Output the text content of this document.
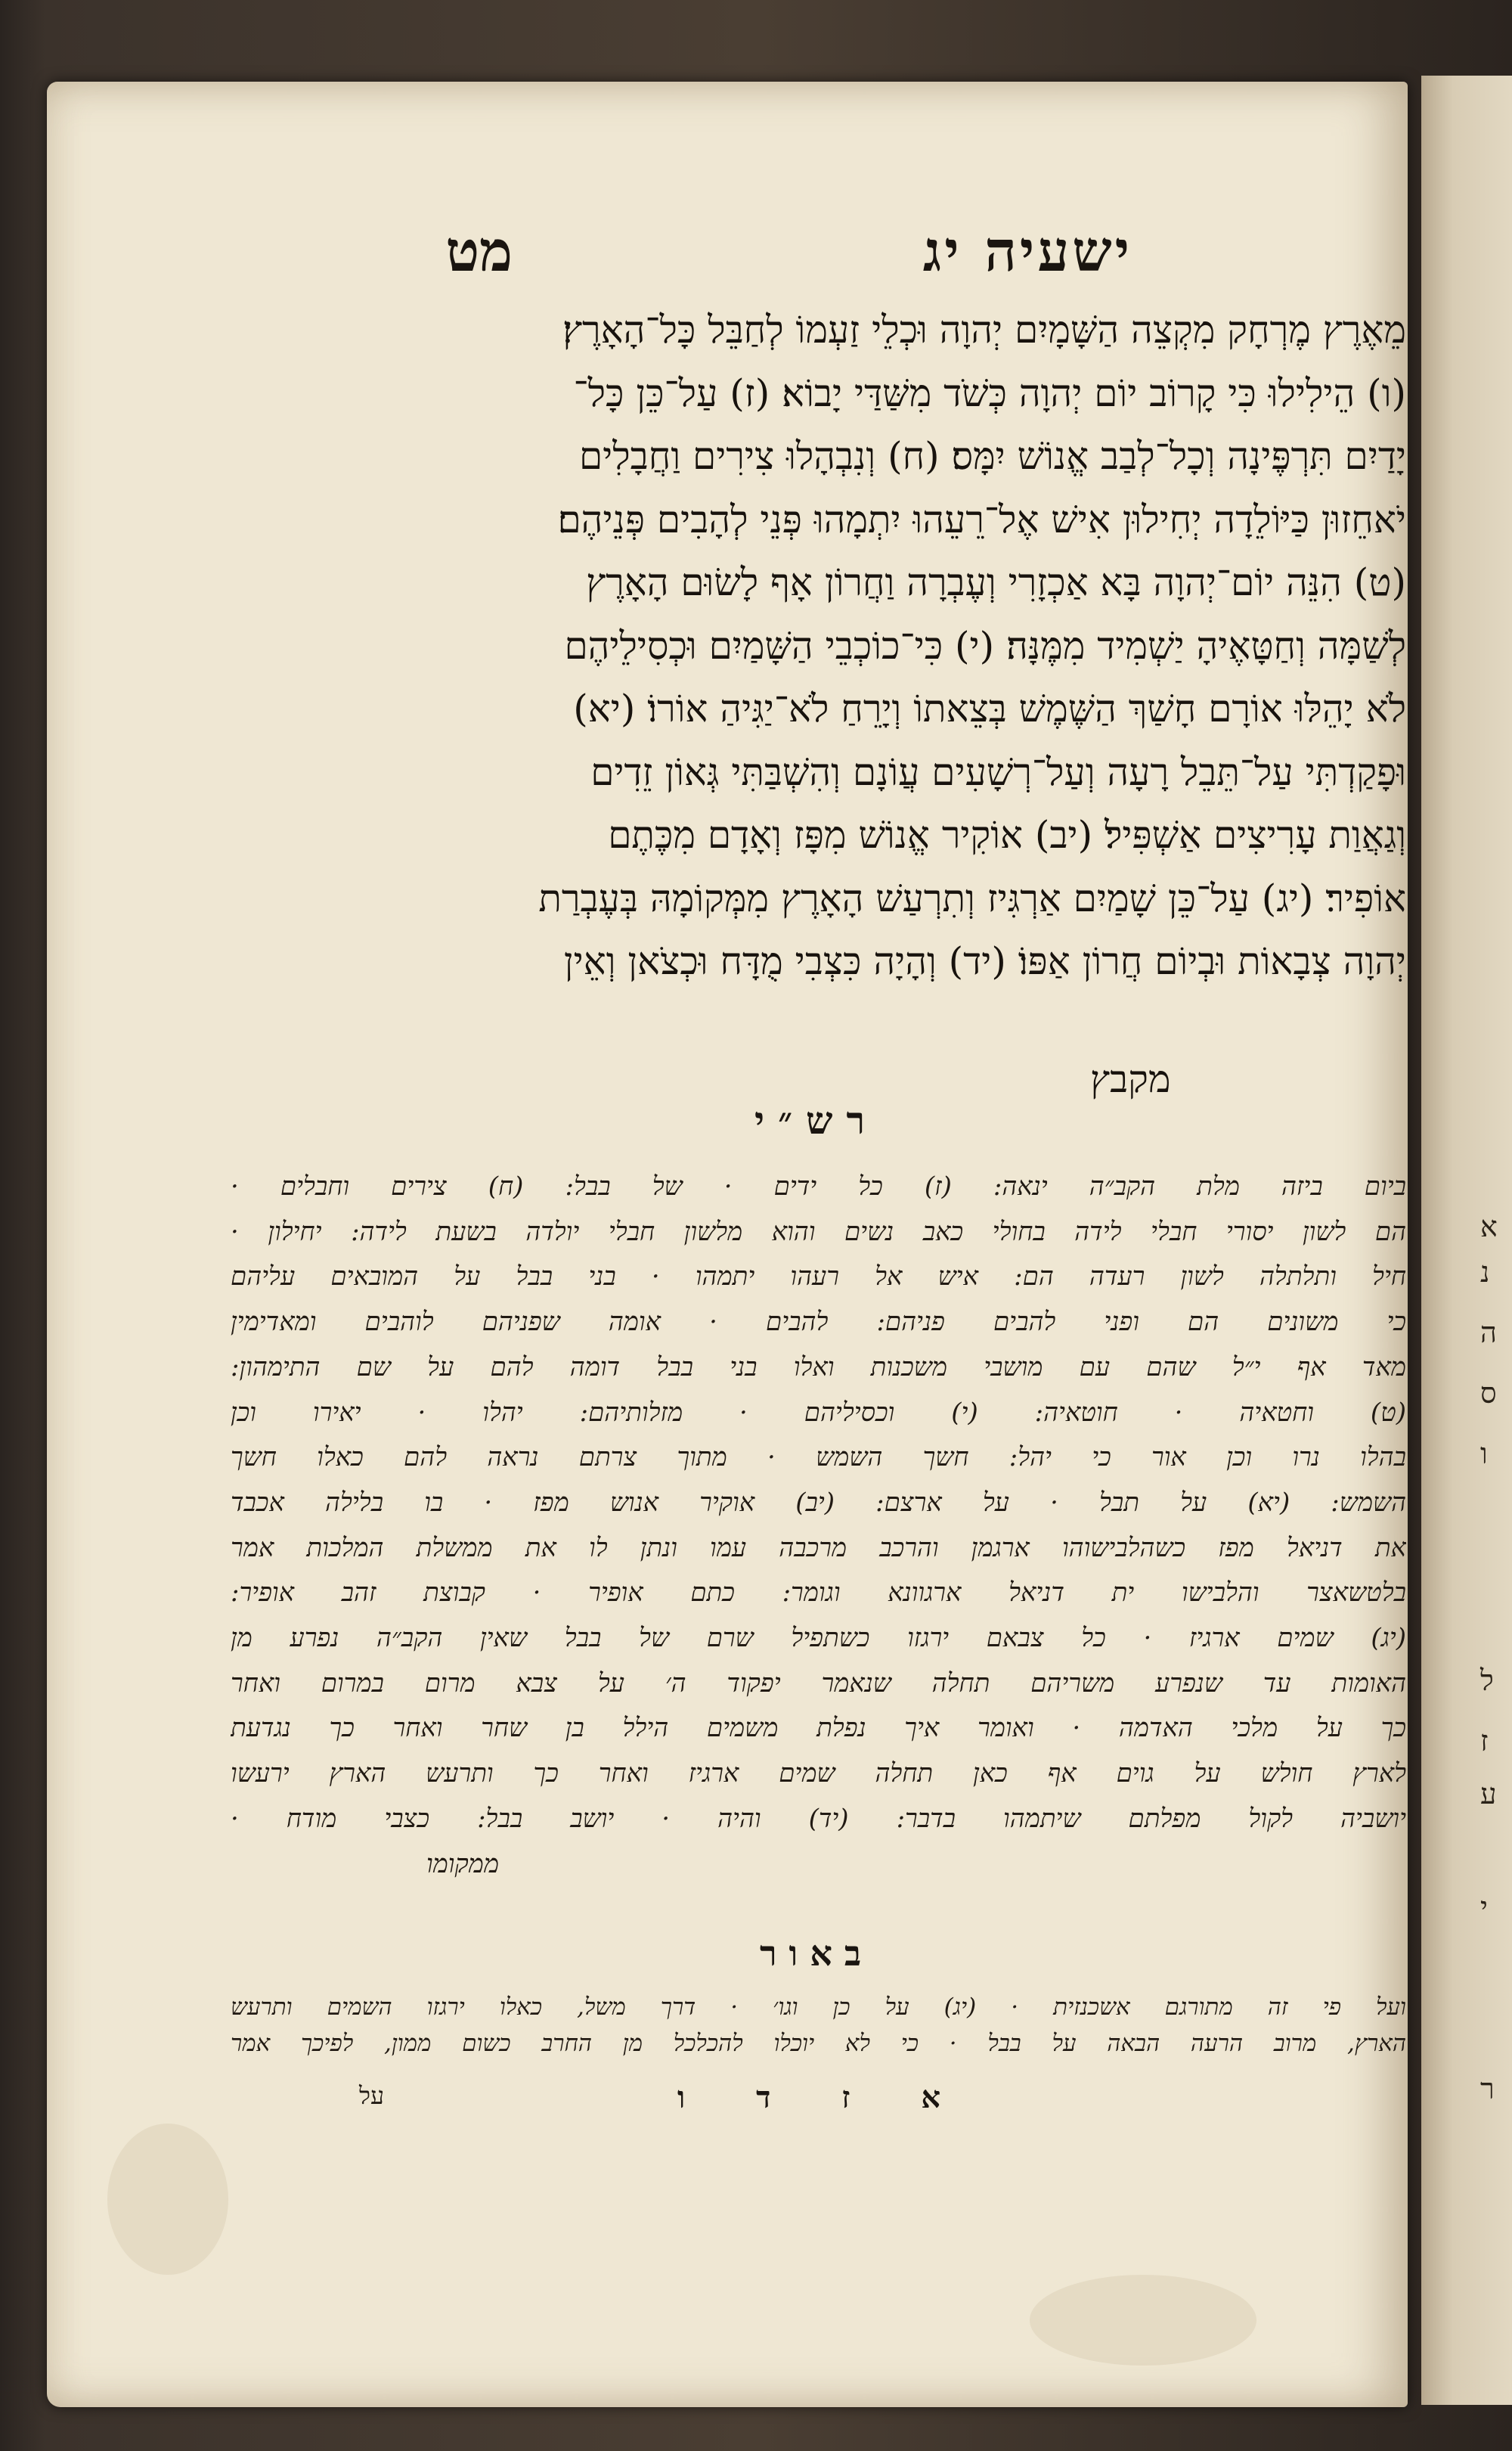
א
נ
ה
ס
ו
ל
ז
ע
י
ר
ישעיה יג
מט
מֵאֶרֶץ מֶרְחָק מִקְצֵה הַשָּׁמָיִם יְהוָה וּכְלֵי זַעְמוֹ לְחַבֵּל כָּל־הָאָרֶץ׃
(ו) הֵילִילוּ כִּי קָרוֹב יוֹם יְהוָה כְּשֹׁד מִשַּׁדַּי יָבוֹא׃ (ז) עַל־כֵּן כָּל־
יָדַיִם תִּרְפֶּינָה וְכָל־לְבַב אֱנוֹשׁ יִמָּס׃ (ח) וְנִבְהָלוּ צִירִים וַחֲבָלִים
יֹאחֵזוּן כַּיּוֹלֵדָה יְחִילוּן אִישׁ אֶל־רֵעֵהוּ יִתְמָהוּ פְּנֵי לְהָבִים פְּנֵיהֶם׃
(ט) הִנֵּה יוֹם־יְהוָה בָּא אַכְזָרִי וְעֶבְרָה וַחֲרוֹן אָף לָשׂוּם הָאָרֶץ
לְשַׁמָּה וְחַטָּאֶיהָ יַשְׁמִיד מִמֶּנָּה׃ (י) כִּי־כוֹכְבֵי הַשָּׁמַיִם וּכְסִילֵיהֶם
לֹא יָהֵלּוּ אוֹרָם חָשַׁךְ הַשֶּׁמֶשׁ בְּצֵאתוֹ וְיָרֵחַ לֹא־יַגִּיהַ אוֹרוֹ׃ (יא)
וּפָקַדְתִּי עַל־תֵּבֵל רָעָה וְעַל־רְשָׁעִים עֲוֹנָם וְהִשְׁבַּתִּי גְּאוֹן זֵדִים
וְגַאֲוַת עָרִיצִים אַשְׁפִּיל׃ (יב) אוֹקִיר אֱנוֹשׁ מִפָּז וְאָדָם מִכֶּתֶם
אוֹפִיר׃ (יג) עַל־כֵּן שָׁמַיִם אַרְגִּיז וְתִרְעַשׁ הָאָרֶץ מִמְּקוֹמָהּ בְּעֶבְרַת
יְהוָה צְבָאוֹת וּבְיוֹם חֲרוֹן אַפּוֹ׃ (יד) וְהָיָה כִּצְבִי מֻדָּח וּכְצֹאן וְאֵין
מקבץ
רש״י
ביום ביזה מלת הקב״ה ינאה: (ז) כל ידים · של בבל: (ח) צירים וחבלים ·
הם לשון יסורי חבלי לידה בחולי כאב נשים והוא מלשון חבלי יולדה בשעת לידה: יחילון ·
חיל ותלתלה לשון רעדה הם: איש אל רעהו יתמהו · בני בבל על המובאים עליהם
כי משונים הם ופני להבים פניהם: להבים · אומה שפניהם לוהבים ומאדימין
מאד אף י״ל שהם עם מושבי משכנות ואלו בני בבל דומה להם על שם התימהון:
(ט) וחטאיה · חוטאיה: (י) וכסיליהם · מזלותיהם: יהלו · יאירו וכן
בהלו נרו וכן אור כי יהל: חשך השמש · מתוך צרתם נראה להם כאלו חשך
השמש: (יא) על תבל · על ארצם: (יב) אוקיר אנוש מפז · בו בלילה אכבד
את דניאל מפז כשהלבישוהו ארגמן והרכב מרכבה עמו ונתן לו את ממשלת המלכות אמר
בלטשאצר והלבישו ית דניאל ארגוונא וגומר: כתם אופיר · קבוצת זהב אופיר:
(יג) שמים ארגיז · כל צבאם ירגזו כשתפיל שרם של בבל שאין הקב״ה נפרע מן
האומות עד שנפרע משריהם תחלה שנאמר יפקוד ה׳ על צבא מרום במרום ואחר
כך על מלכי האדמה · ואומר איך נפלת משמים הילל בן שחר ואחר כך נגדעת
לארץ חולש על גוים אף כאן תחלה שמים ארגיז ואחר כך ותרעש הארץ ירעשו
יושביה לקול מפלתם שיתמהו בדבר: (יד) והיה · יושב בבל: כצבי מודח ·
ממקומו
באור
ועל פי זה מתורגם אשכנזית · (יג) על כן וגו׳ · דרך משל, כאלו ירגזו השמים ותרעש
הארץ, מרוב הרעה הבאה על בבל · כי לא יוכלו להכלכל מן החרב כשום ממון, לפיכך אמר
א ז ד ו
על
